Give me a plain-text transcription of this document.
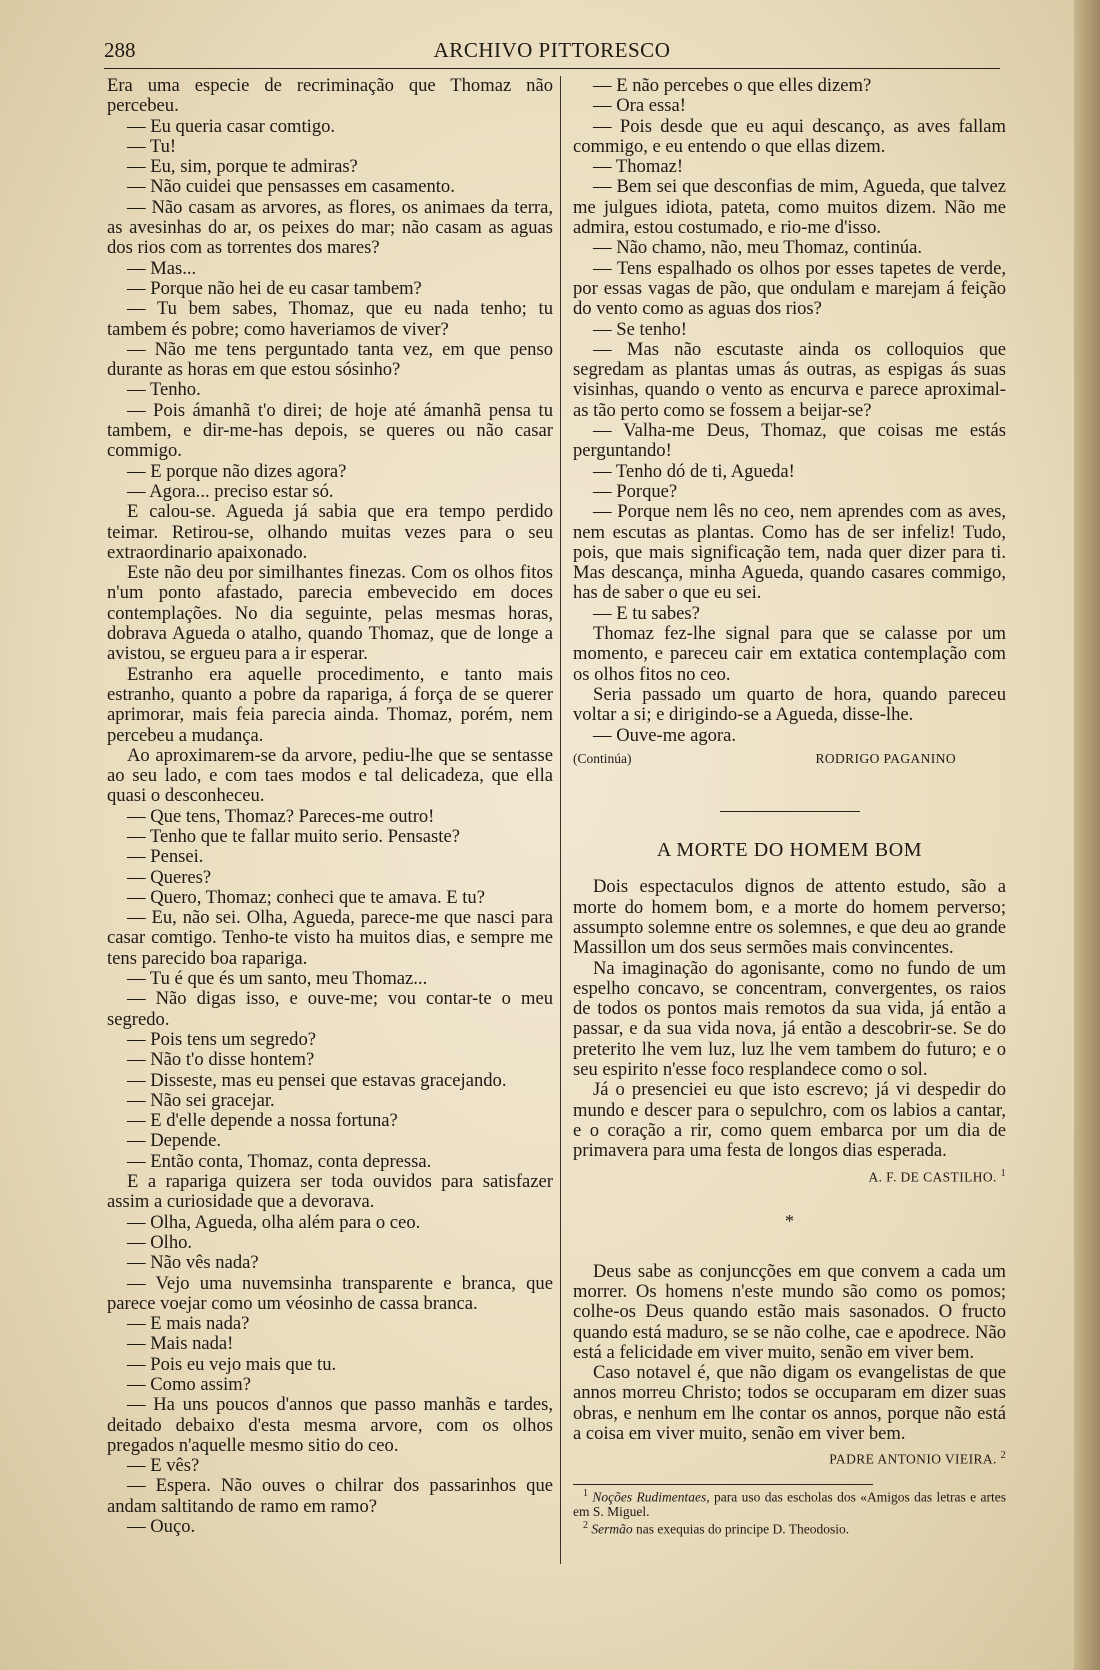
288	ARCHIVO PITTORESCO

Era uma especie de recriminação que Thomaz não percebeu.

— Eu queria casar comtigo.

— Tu!

— Eu, sim, porque te admiras?

— Não cuidei que pensasses em casamento.

— Não casam as arvores, as flores, os animaes da terra, as avesinhas do ar, os peixes do mar; não casam as aguas dos rios com as torrentes dos mares?

— Mas...

— Porque não hei de eu casar tambem?

— Tu bem sabes, Thomaz, que eu nada tenho; tu tambem és pobre; como haveriamos de viver?

— Não me tens perguntado tanta vez, em que penso durante as horas em que estou sósinho?

— Tenho.

— Pois ámanhã t'o direi; de hoje até ámanhã pensa tu tambem, e dir-me-has depois, se queres ou não casar commigo.

— E porque não dizes agora?

— Agora... preciso estar só.

E calou-se. Agueda já sabia que era tempo perdido teimar. Retirou-se, olhando muitas vezes para o seu extraordinario apaixonado.

Este não deu por similhantes finezas. Com os olhos fitos n'um ponto afastado, parecia embevecido em doces contemplações. No dia seguinte, pelas mesmas horas, dobrava Agueda o atalho, quando Thomaz, que de longe a avistou, se ergueu para a ir esperar.

Estranho era aquelle procedimento, e tanto mais estranho, quanto a pobre da rapariga, á força de se querer aprimorar, mais feia parecia ainda. Thomaz, porém, nem percebeu a mudança.

Ao aproximarem-se da arvore, pediu-lhe que se sentasse ao seu lado, e com taes modos e tal delicadeza, que ella quasi o desconheceu.

— Que tens, Thomaz? Pareces-me outro!

— Tenho que te fallar muito serio. Pensaste?

— Pensei.

— Queres?

— Quero, Thomaz; conheci que te amava. E tu?

— Eu, não sei. Olha, Agueda, parece-me que nasci para casar comtigo. Tenho-te visto ha muitos dias, e sempre me tens parecido boa rapariga.

— Tu é que és um santo, meu Thomaz...

— Não digas isso, e ouve-me; vou contar-te o meu segredo.

— Pois tens um segredo?

— Não t'o disse hontem?

— Disseste, mas eu pensei que estavas gracejando.

— Não sei gracejar.

— E d'elle depende a nossa fortuna?

— Depende.

— Então conta, Thomaz, conta depressa.

E a rapariga quizera ser toda ouvidos para satisfazer assim a curiosidade que a devorava.

— Olha, Agueda, olha além para o ceo.

— Olho.

— Não vês nada?

— Vejo uma nuvemsinha transparente e branca, que parece voejar como um véosinho de cassa branca.

— E mais nada?

— Mais nada!

— Pois eu vejo mais que tu.

— Como assim?

— Ha uns poucos d'annos que passo manhãs e tardes, deitado debaixo d'esta mesma arvore, com os olhos pregados n'aquelle mesmo sitio do ceo.

— E vês?

— Espera. Não ouves o chilrar dos passarinhos que andam saltitando de ramo em ramo?

— Ouço.

— E não percebes o que elles dizem?

— Ora essa!

— Pois desde que eu aqui descanço, as aves fallam commigo, e eu entendo o que ellas dizem.

— Thomaz!

— Bem sei que desconfias de mim, Agueda, que talvez me julgues idiota, pateta, como muitos dizem. Não me admira, estou costumado, e rio-me d'isso.

— Não chamo, não, meu Thomaz, continúa.

— Tens espalhado os olhos por esses tapetes de verde, por essas vagas de pão, que ondulam e marejam á feição do vento como as aguas dos rios?

— Se tenho!

— Mas não escutaste ainda os colloquios que segredam as plantas umas ás outras, as espigas ás suas visinhas, quando o vento as encurva e parece aproximal-as tão perto como se fossem a beijar-se?

— Valha-me Deus, Thomaz, que coisas me estás perguntando!

— Tenho dó de ti, Agueda!

— Porque?

— Porque nem lês no ceo, nem aprendes com as aves, nem escutas as plantas. Como has de ser infeliz! Tudo, pois, que mais significação tem, nada quer dizer para ti. Mas descança, minha Agueda, quando casares commigo, has de saber o que eu sei.

— E tu sabes?

Thomaz fez-lhe signal para que se calasse por um momento, e pareceu cair em extatica contemplação com os olhos fitos no ceo.

Seria passado um quarto de hora, quando pareceu voltar a si; e dirigindo-se a Agueda, disse-lhe.

— Ouve-me agora.

(Continúa)	RODRIGO PAGANINO
A MORTE DO HOMEM BOM

Dois espectaculos dignos de attento estudo, são a morte do homem bom, e a morte do homem perverso; assumpto solemne entre os solemnes, e que deu ao grande Massillon um dos seus sermões mais convincentes.

Na imaginação do agonisante, como no fundo de um espelho concavo, se concentram, convergentes, os raios de todos os pontos mais remotos da sua vida, já então a passar, e da sua vida nova, já então a descobrir-se. Se do preterito lhe vem luz, luz lhe vem tambem do futuro; e o seu espirito n'esse foco resplandece como o sol.

Já o presenciei eu que isto escrevo; já vi despedir do mundo e descer para o sepulchro, com os labios a cantar, e o coração a rir, como quem embarca por um dia de primavera para uma festa de longos dias esperada.
A. F. DE CASTILHO. $^1$

*

Deus sabe as conjuncções em que convem a cada um morrer. Os homens n'este mundo são como os pomos; colhe-os Deus quando estão mais sasonados. O fructo quando está maduro, se se não colhe, cae e apodrece. Não está a felicidade em viver muito, senão em viver bem.

Caso notavel é, que não digam os evangelistas de que annos morreu Christo; todos se occuparam em dizer suas obras, e nenhum em lhe contar os annos, porque não está a coisa em viver muito, senão em viver bem.
PADRE ANTONIO VIEIRA. $^2$

$^1$ Noções Rudimentaes, para uso das escholas dos «Amigos das letras e artes em S. Miguel.
$^2$ Sermão nas exequias do principe D. Theodosio.
